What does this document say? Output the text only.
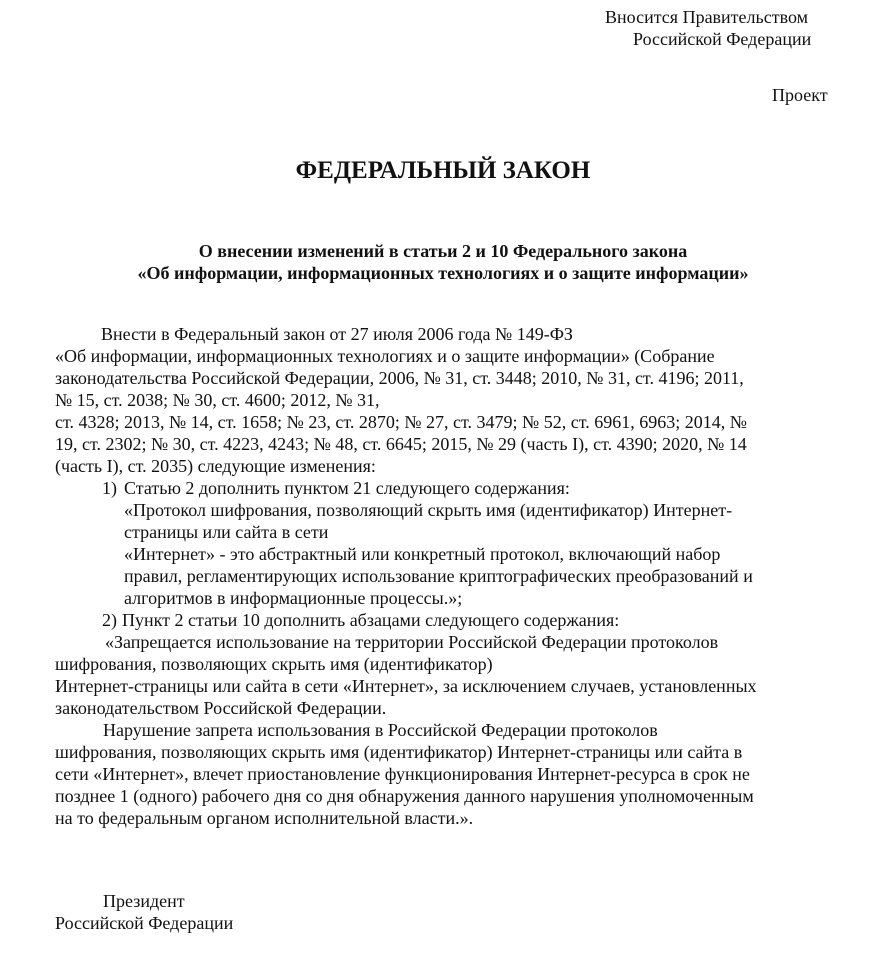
Вносится Правительством
Российской Федерации
Проект
ФЕДЕРАЛЬНЫЙ ЗАКОН
О внесении изменений в статьи 2 и 10 Федерального закона
«Об информации, информационных технологиях и о защите информации»
Внести в Федеральный закон от 27 июля 2006 года № 149-ФЗ
«Об информации, информационных технологиях и о защите информации» (Собрание
законодательства Российской Федерации, 2006, № 31, ст. 3448; 2010, № 31, ст. 4196; 2011,
№ 15, ст. 2038; № 30, ст. 4600; 2012, № 31,
ст. 4328; 2013, № 14, ст. 1658; № 23, ст. 2870; № 27, ст. 3479; № 52, ст. 6961, 6963; 2014, №
19, ст. 2302; № 30, ст. 4223, 4243; № 48, ст. 6645; 2015, № 29 (часть I), ст. 4390; 2020, № 14
(часть I), ст. 2035) следующие изменения:
1) Статью 2 дополнить пунктом 21 следующего содержания:
«Протокол шифрования, позволяющий скрыть имя (идентификатор) Интернет-
страницы или сайта в сети
«Интернет» - это абстрактный или конкретный протокол, включающий набор
правил, регламентирующих использование криптографических преобразований и
алгоритмов в информационные процессы.»;
2) Пункт 2 статьи 10 дополнить абзацами следующего содержания:
«Запрещается использование на территории Российской Федерации протоколов
шифрования, позволяющих скрыть имя (идентификатор)
Интернет-страницы или сайта в сети «Интернет», за исключением случаев, установленных
законодательством Российской Федерации.
Нарушение запрета использования в Российской Федерации протоколов
шифрования, позволяющих скрыть имя (идентификатор) Интернет-страницы или сайта в
сети «Интернет», влечет приостановление функционирования Интернет-ресурса в срок не
позднее 1 (одного) рабочего дня со дня обнаружения данного нарушения уполномоченным
на то федеральным органом исполнительной власти.».
Президент
Российской Федерации
